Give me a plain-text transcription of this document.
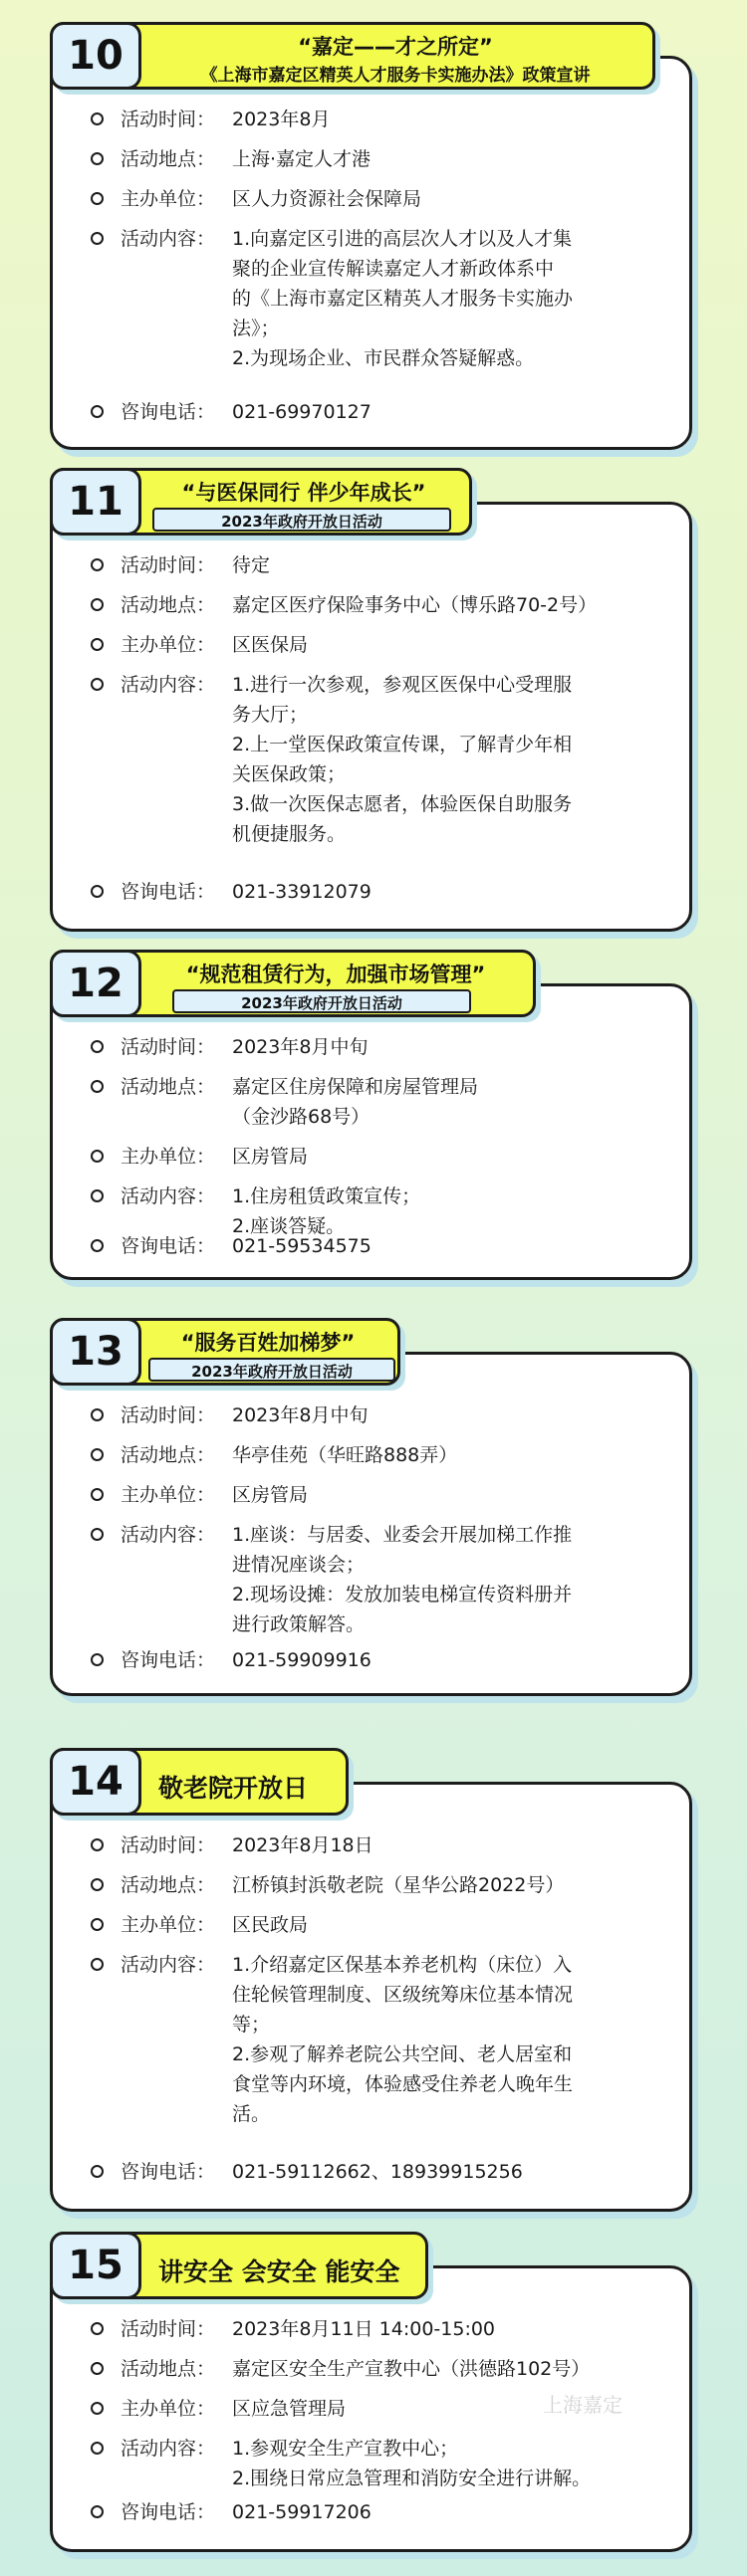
活动时间： 2023年8月
活动地点： 上海·嘉定人才港
主办单位： 区人力资源社会保障局
活动内容： 1.向嘉定区引进的高层次人才以及人才集
聚的企业宣传解读嘉定人才新政体系中
的《上海市嘉定区精英人才服务卡实施办
法》；
2.为现场企业、市民群众答疑解惑。
咨询电话： 021-69970127
10	“嘉定——才之所定”
《上海市嘉定区精英人才服务卡实施办法》政策宣讲
活动时间： 待定
活动地点： 嘉定区医疗保险事务中心（博乐路70-2号）
主办单位： 区医保局
活动内容： 1.进行一次参观，参观区医保中心受理服
务大厅；
2.上一堂医保政策宣传课，了解青少年相
关医保政策；
3.做一次医保志愿者，体验医保自助服务
机便捷服务。
咨询电话： 021-33912079
11	“与医保同行 伴少年成长”
2023年政府开放日活动
活动时间： 2023年8月中旬
活动地点： 嘉定区住房保障和房屋管理局
（金沙路68号）
主办单位： 区房管局
活动内容： 1.住房租赁政策宣传；
2.座谈答疑。
咨询电话： 021-59534575
12	“规范租赁行为，加强市场管理”
2023年政府开放日活动
活动时间： 2023年8月中旬
活动地点： 华亭佳苑（华旺路888弄）
主办单位： 区房管局
活动内容： 1.座谈：与居委、业委会开展加梯工作推
进情况座谈会；
2.现场设摊：发放加装电梯宣传资料册并
进行政策解答。
咨询电话： 021-59909916
13	“服务百姓加梯梦”
2023年政府开放日活动
活动时间： 2023年8月18日
活动地点： 江桥镇封浜敬老院（星华公路2022号）
主办单位： 区民政局
活动内容： 1.介绍嘉定区保基本养老机构（床位）入
住轮候管理制度、区级统筹床位基本情况
等；
2.参观了解养老院公共空间、老人居室和
食堂等内环境，体验感受住养老人晚年生
活。
咨询电话： 021-59112662、18939915256
14	敬老院开放日
活动时间： 2023年8月11日 14:00-15:00
活动地点： 嘉定区安全生产宣教中心（洪德路102号）
主办单位： 区应急管理局
活动内容： 1.参观安全生产宣教中心；
2.围绕日常应急管理和消防安全进行讲解。
咨询电话： 021-59917206
15	讲安全 会安全 能安全
上海嘉定
